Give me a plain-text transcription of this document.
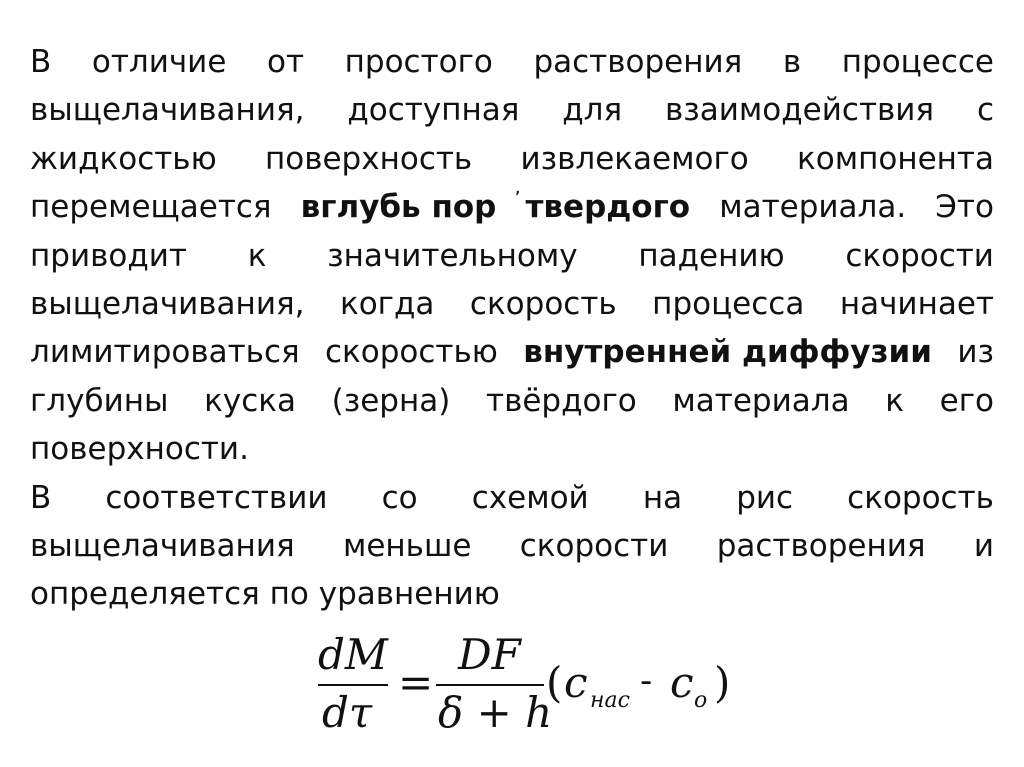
В отличие от простого растворения в процессе
выщелачивания, доступная для взаимодействия с
жидкостью поверхность извлекаемого компонента
перемещается вглубь пор , твердого материала. Это
приводит к значительному падению скорости
выщелачивания, когда скорость процесса начинает
лимитироваться скоростью внутренней диффузии из
глубины куска (зерна) твёрдого материала к его
поверхности.
В соответствии со схемой на рис скорость
выщелачивания меньше скорости растворения и
определяется по уравнению
dM
dτ
=
DF
δ + h
( c нас - c о )
